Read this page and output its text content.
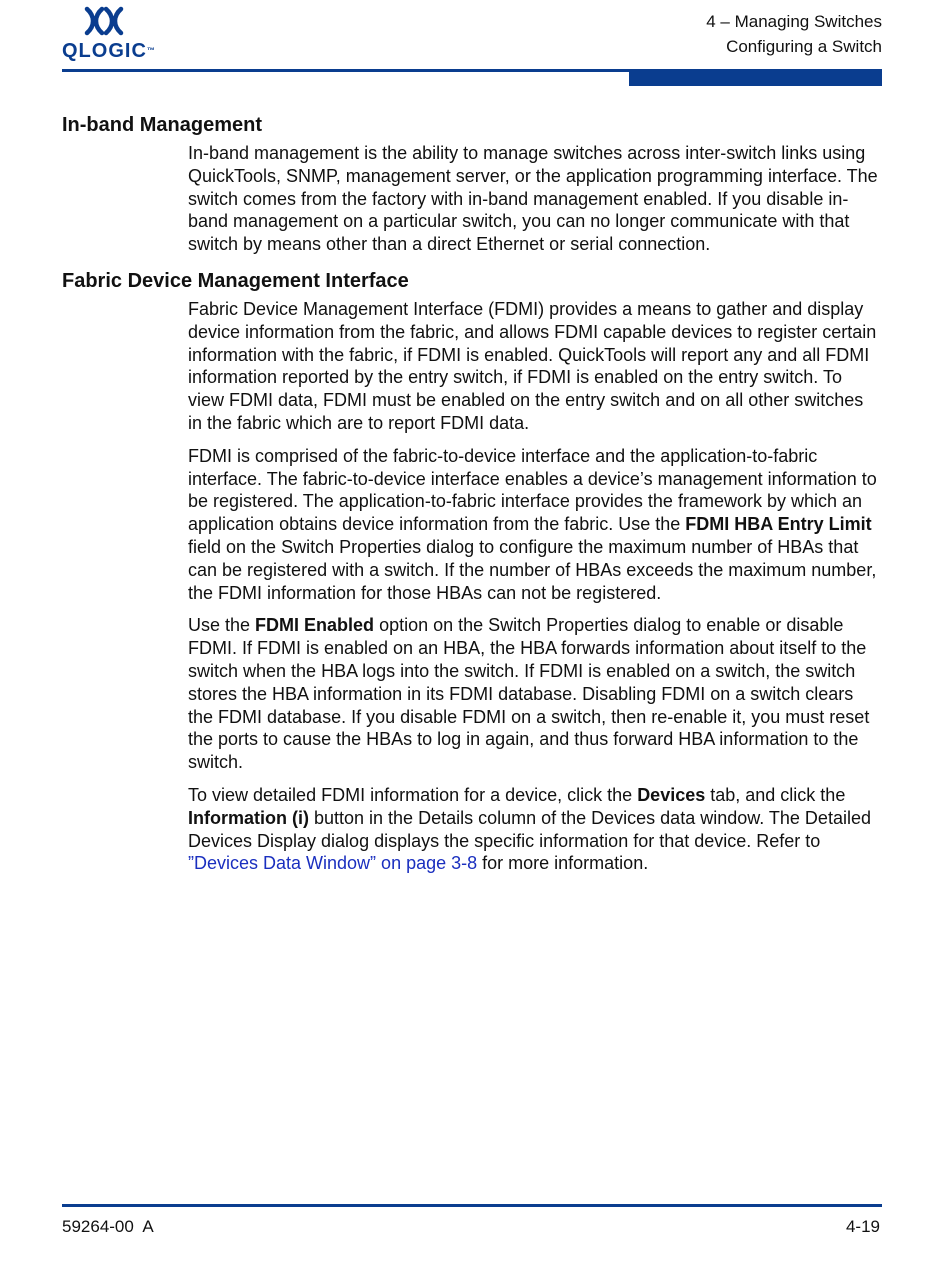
QLOGIC™
4 – Managing Switches
Configuring a Switch
In-band Management

In-band management is the ability to manage switches across inter-switch links using QuickTools, SNMP, management server, or the application programming interface. The switch comes from the factory with in-band management enabled. If you disable in-band management on a particular switch, you can no longer communicate with that switch by means other than a direct Ethernet or serial connection.

Fabric Device Management Interface

Fabric Device Management Interface (FDMI) provides a means to gather and display device information from the fabric, and allows FDMI capable devices to register certain information with the fabric, if FDMI is enabled. QuickTools will report any and all FDMI information reported by the entry switch, if FDMI is enabled on the entry switch. To view FDMI data, FDMI must be enabled on the entry switch and on all other switches in the fabric which are to report FDMI data.

FDMI is comprised of the fabric-to-device interface and the application-to-fabric interface. The fabric-to-device interface enables a device’s management information to be registered. The application-to-fabric interface provides the framework by which an application obtains device information from the fabric. Use the FDMI HBA Entry Limit field on the Switch Properties dialog to configure the maximum number of HBAs that can be registered with a switch. If the number of HBAs exceeds the maximum number, the FDMI information for those HBAs can not be registered.

Use the FDMI Enabled option on the Switch Properties dialog to enable or disable FDMI. If FDMI is enabled on an HBA, the HBA forwards information about itself to the switch when the HBA logs into the switch. If FDMI is enabled on a switch, the switch stores the HBA information in its FDMI database. Disabling FDMI on a switch clears the FDMI database. If you disable FDMI on a switch, then re-enable it, you must reset the ports to cause the HBAs to log in again, and thus forward HBA information to the switch.

To view detailed FDMI information for a device, click the Devices tab, and click the Information (i) button in the Details column of the Devices data window. The Detailed Devices Display dialog displays the specific information for that device. Refer to ”Devices Data Window” on page 3-8 for more information.

59264-00  A	4-19
